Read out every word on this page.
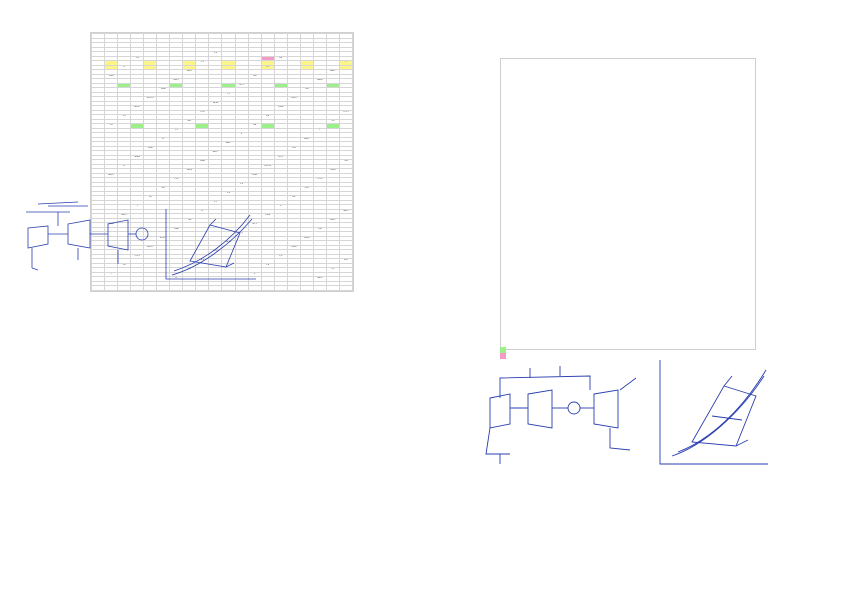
									1.4										
			1.6											0.8					
								1.2											7
		3											27						
							300,1											684,7	
	1200											730							
						635,7											908,8		
											757,1								
					1000											750			
										71									
				0,0175											209,4				
									28,49										
			86,67											1,005					
								1,15											721,1
		1,3											0,6						
							3,47											1.4	
	1.6											0.8							
						1.2											7		
											3								
					27											300,1			
										684,7									
				1200											730				
									635,7										
			908,8											757,1					
								1000											750
		71											0,0175						
							209,4											28,49	
	86,67											1,005							
						1,15											721,1		
											1,3								
					0,6											3,47			
										1.4									
				1.6											0.8				
									1.2										
			7											3					
								27											300,1
		684,7											1200						
							730											635,7	
	908,8											757,1							
						1000											750		
											71								
					0,0175											209,4			
										28,49									
				86,67											1,005				
									1,15										
			721,1											1,3					
								0,6											3,47
		1.4											1.6						
							0.8											1.2	
	7											3							
						27											300,1		
